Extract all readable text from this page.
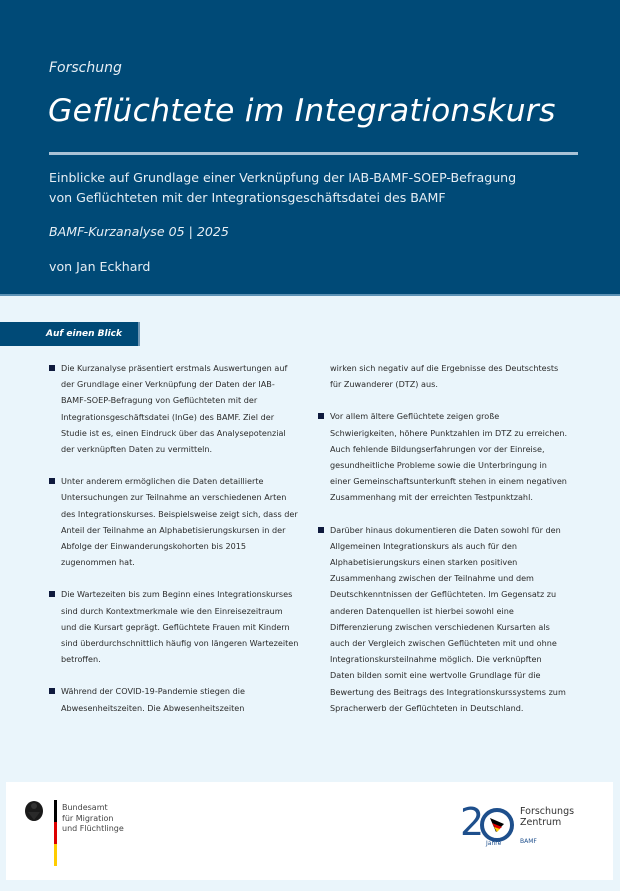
Forschung
Geflüchtete im Integrationskurs
Einblicke auf Grundlage einer Verknüpfung der IAB-BAMF-SOEP-Befragung
von Geflüchteten mit der Integrationsgeschäftsdatei des BAMF
BAMF-Kurzanalyse 05 | 2025
von Jan Eckhard
Auf einen Blick
Die Kurzanalyse präsentiert erstmals Auswertungen auf der Grundlage einer Verknüpfung der Daten der IAB-BAMF-SOEP-Befragung von Geflüchteten mit der Integrationsgeschäftsdatei (InGe) des BAMF. Ziel der Studie ist es, einen Eindruck über das Analysepotenzial der verknüpften Daten zu vermitteln.
Unter anderem ermöglichen die Daten detaillierte Untersuchungen zur Teilnahme an verschiedenen Arten des Integrationskurses. Beispielsweise zeigt sich, dass der Anteil der Teilnahme an Alphabetisierungskursen in der Abfolge der Einwanderungskohorten bis 2015 zugenommen hat.
Die Wartezeiten bis zum Beginn eines Integrationskurses sind durch Kontextmerkmale wie den Einreisezeitraum und die Kursart geprägt. Geflüchtete Frauen mit Kindern sind überdurchschnittlich häufig von längeren Wartezeiten betroffen.
Während der COVID-19-Pandemie stiegen die Abwesenheitszeiten. Die Abwesenheitszeiten
wirken sich negativ auf die Ergebnisse des Deutschtests für Zuwanderer (DTZ) aus.
Vor allem ältere Geflüchtete zeigen große Schwierigkeiten, höhere Punktzahlen im DTZ zu erreichen. Auch fehlende Bildungserfahrungen vor der Einreise, gesundheitliche Probleme sowie die Unterbringung in einer Gemeinschaftsunterkunft stehen in einem negativen Zusammenhang mit der erreichten Testpunktzahl.
Darüber hinaus dokumentieren die Daten sowohl für den Allgemeinen Integrationskurs als auch für den Alphabetisierungskurs einen starken positiven Zusammenhang zwischen der Teilnahme und dem Deutschkenntnissen der Geflüchteten. Im Gegensatz zu anderen Datenquellen ist hierbei sowohl eine Differenzierung zwischen verschiedenen Kursarten als auch der Vergleich zwischen Geflüchteten mit und ohne Integrationskursteilnahme möglich. Die verknüpften Daten bilden somit eine wertvolle Grundlage für die Bewertung des Beitrags des Integrationskurssystems zum Spracherwerb der Geflüchteten in Deutschland.
Bundesamt
für Migration
und Flüchtlinge	2 Jahre
Forschungs
Zentrum
BAMF
